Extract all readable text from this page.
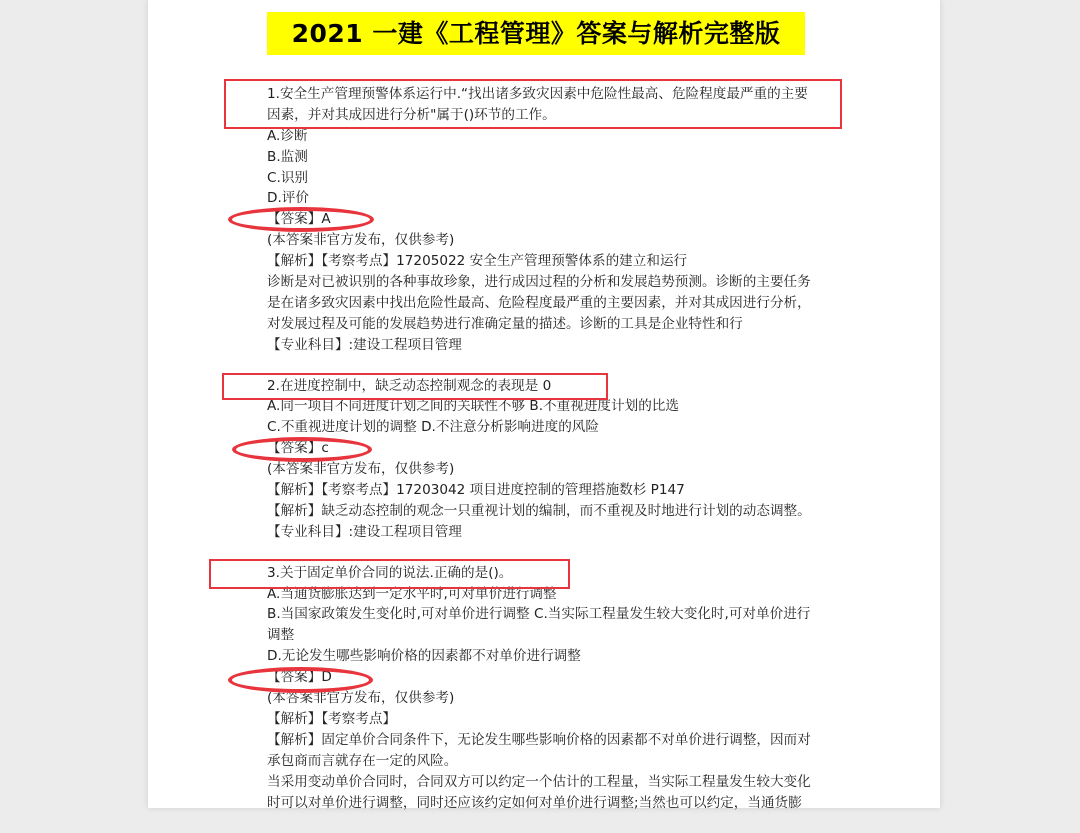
2021 一建《工程管理》答案与解析完整版
1.安全生产管理预警体系运行中.“找出诸多致灾因素中危险性最高、危险程度最严重的主要
因素，并对其成因进行分析"属于()环节的工作。
A.诊断
B.监测
C.识别
D.评价
【答案】A
(本答案非官方发布，仅供参考)
【解析】【考察考点】17205022 安全生产管理预警体系的建立和运行
诊断是对已被识别的各种事故珍象，进行成因过程的分析和发展趋势预测。诊断的主要任务
是在诸多致灾因素中找出危险性最高、危险程度最严重的主要因素，并对其成因进行分析，
对发展过程及可能的发展趋势进行准确定量的描述。诊断的工具是企业特性和行
【专业科目】:建设工程项目管理
2.在进度控制中，缺乏动态控制观念的表现是 0
A.同一项目不同进度计划之间的关联性不够 B.不重视进度计划的比选
C.不重视进度计划的调整 D.不注意分析影响进度的风险
【答案】c
(本答案非官方发布，仅供参考)
【解析】【考察考点】17203042 项目进度控制的管理搭施数杉 P147
【解析】缺乏动态控制的观念一只重视计划的编制，而不重视及时地进行计划的动态调整。
【专业科目】:建设工程项目管理
3.关于固定单价合同的说法.正确的是()。
A.当通货膨胀达到一定水平时,可对单价进行调整
B.当国家政策发生变化时,可对单价进行调整 C.当实际工程量发生较大变化时,可对单价进行
调整
D.无论发生哪些影响价格的因素都不对单价进行调整
【答案】D
(本答案非官方发布，仅供参考)
【解析】【考察考点】
【解析】固定单价合同条件下，无论发生哪些影响价格的因素都不对单价进行调整，因而对
承包商而言就存在一定的风险。
当采用变动单价合同时，合同双方可以约定一个估计的工程量，当实际工程量发生较大变化
时可以对单价进行调整，同时还应该约定如何对单价进行调整;当然也可以约定，当通货膨
